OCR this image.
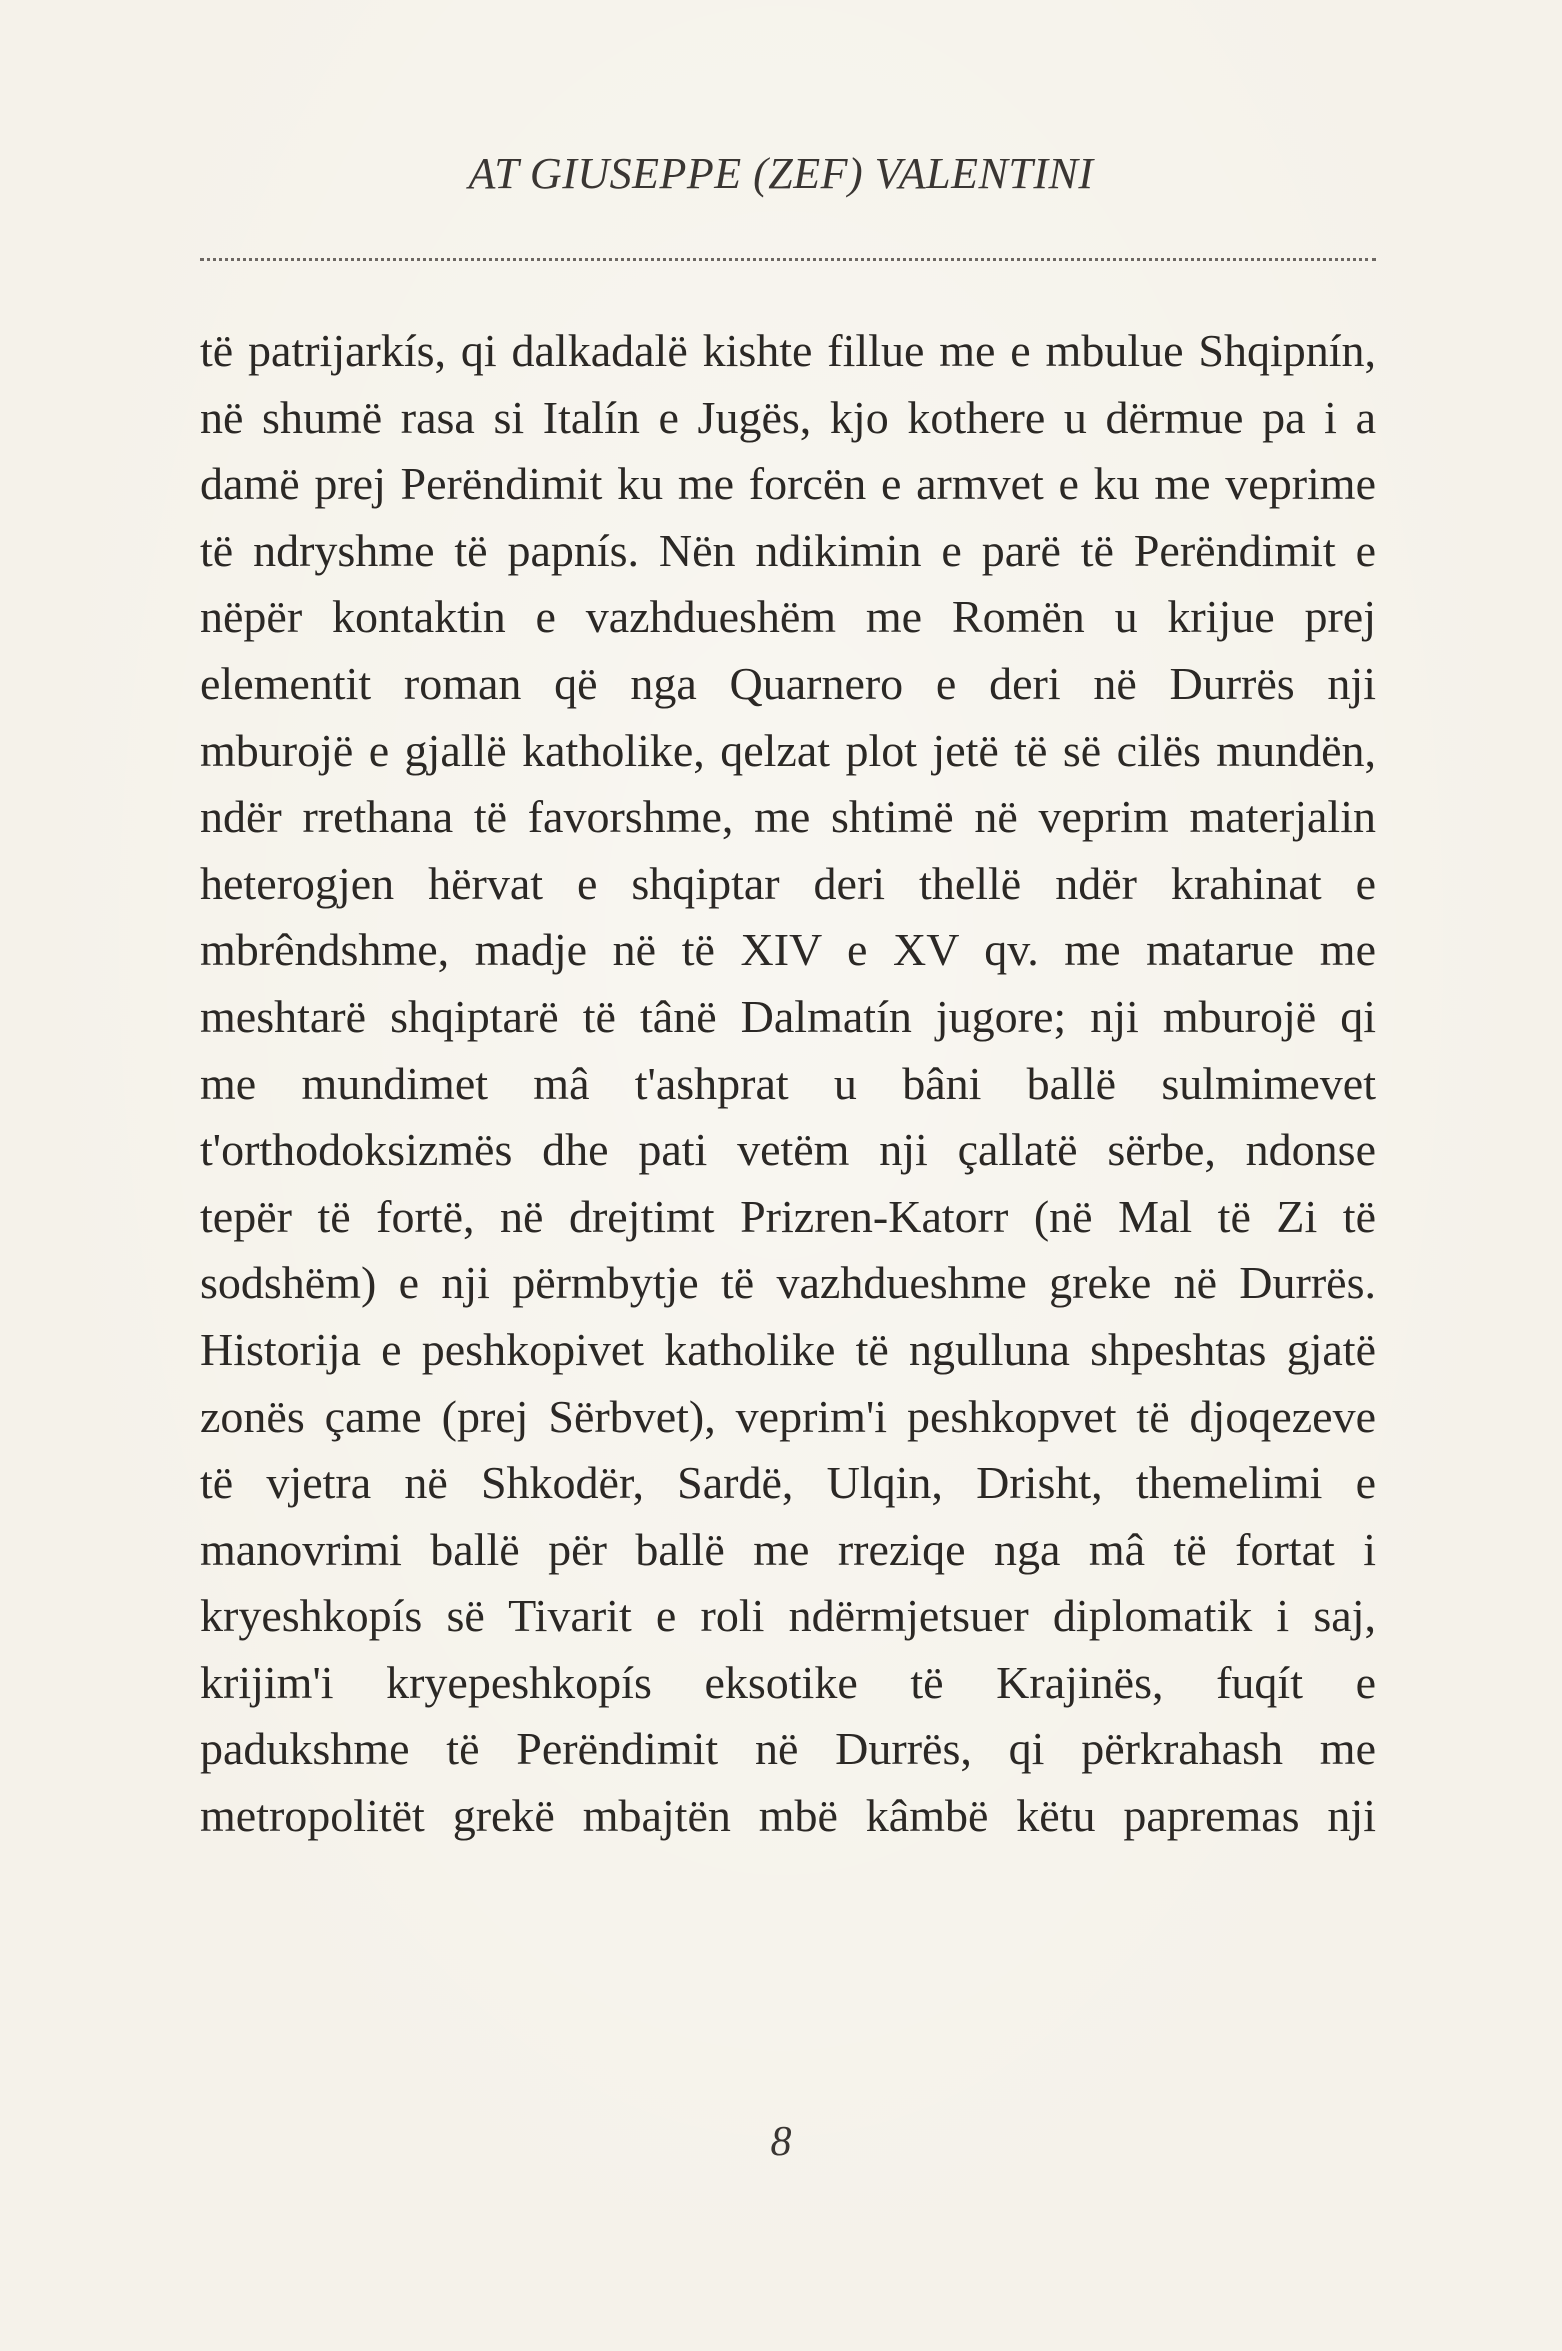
AT GIUSEPPE (ZEF) VALENTINI
të patrijarkís, qi dalkadalë kishte fillue me e mbulue Shqipnín,
në shumë rasa si Italín e Jugës, kjo kothere u dërmue pa i a
damë prej Perëndimit ku me forcën e armvet e ku me veprime
të ndryshme të papnís. Nën ndikimin e parë të Perëndimit e
nëpër kontaktin e vazhdueshëm me Romën u krijue prej
elementit roman që nga Quarnero e deri në Durrës nji
mburojë e gjallë katholike, qelzat plot jetë të së cilës mundën,
ndër rrethana të favorshme, me shtimë në veprim materjalin
heterogjen hërvat e shqiptar deri thellë ndër krahinat e
mbrêndshme, madje në të XIV e XV qv. me matarue me
meshtarë shqiptarë të tânë Dalmatín jugore; nji mburojë qi
me mundimet mâ t'ashprat u bâni ballë sulmimevet
t'orthodoksizmës dhe pati vetëm nji çallatë sërbe, ndonse
tepër të fortë, në drejtimt Prizren-Katorr (në Mal të Zi të
sodshëm) e nji përmbytje të vazhdueshme greke në Durrës.
Historija e peshkopivet katholike të ngulluna shpeshtas gjatë
zonës çame (prej Sërbvet), veprim'i peshkopvet të djoqezeve
të vjetra në Shkodër, Sardë, Ulqin, Drisht, themelimi e
manovrimi ballë për ballë me rreziqe nga mâ të fortat i
kryeshkopís së Tivarit e roli ndërmjetsuer diplomatik i saj,
krijim'i kryepeshkopís eksotike të Krajinës, fuqít e
padukshme të Perëndimit në Durrës, qi përkrahash me
metropolitët grekë mbajtën mbë kâmbë këtu papremas nji
8
